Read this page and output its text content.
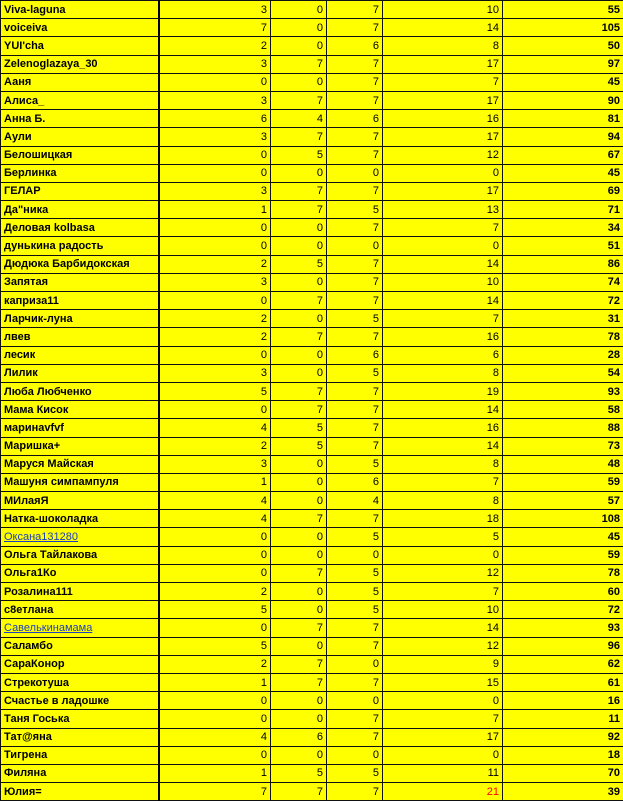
Viva-laguna	3	0	7	10	55
voiceiva	7	0	7	14	105
YUI'cha	2	0	6	8	50
Zelenoglazaya_30	3	7	7	17	97
Ааня	0	0	7	7	45
Алиса_	3	7	7	17	90
Анна Б.	6	4	6	16	81
Аули	3	7	7	17	94
Белошицкая	0	5	7	12	67
Берлинка	0	0	0	0	45
ГЕЛАР	3	7	7	17	69
Да"ника	1	7	5	13	71
Деловая kolbasa	0	0	7	7	34
дунькина радость	0	0	0	0	51
Дюдюка Барбидокская	2	5	7	14	86
Запятая	3	0	7	10	74
каприза11	0	7	7	14	72
Ларчик-луна	2	0	5	7	31
лвев	2	7	7	16	78
лесик	0	0	6	6	28
Лилик	3	0	5	8	54
Люба Любченко	5	7	7	19	93
Мама Кисок	0	7	7	14	58
маринаvfvf	4	5	7	16	88
Маришка+	2	5	7	14	73
Маруся Майская	3	0	5	8	48
Машуня симпампуля	1	0	6	7	59
МИлаяЯ	4	0	4	8	57
Натка-шоколадка	4	7	7	18	108
Оксана131280	0	0	5	5	45
Ольга Тайлакова	0	0	0	0	59
Ольга1Ко	0	7	5	12	78
Розалина111	2	0	5	7	60
с8етлана	5	0	5	10	72
Савелькинамама	0	7	7	14	93
Саламбо	5	0	7	12	96
СараКонор	2	7	0	9	62
Стрекотуша	1	7	7	15	61
Счастье в ладошке	0	0	0	0	16
Таня Госька	0	0	7	7	11
Тат@яна	4	6	7	17	92
Тигрена	0	0	0	0	18
Филяна	1	5	5	11	70
Юлия=	7	7	7	21	39
